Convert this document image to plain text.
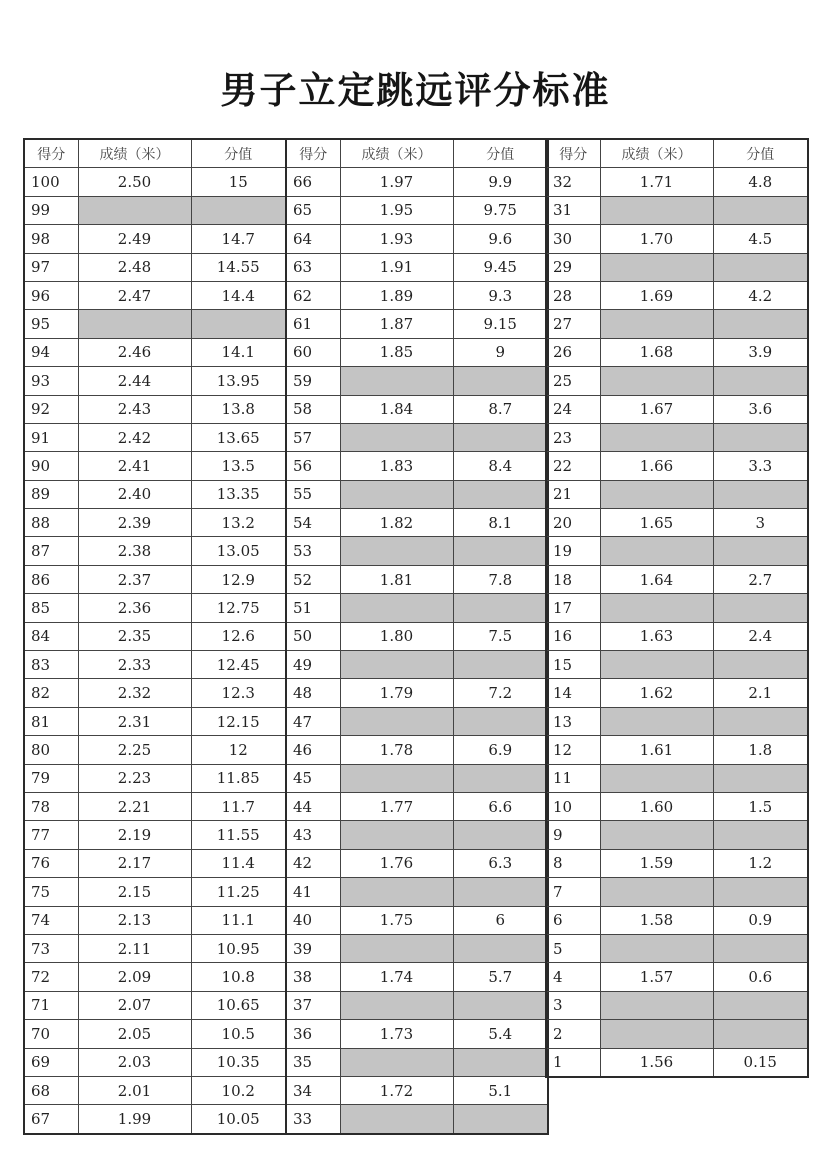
男子立定跳远评分标准
得分	成绩（米）	分值
100	2.50	15
99		
98	2.49	14.7
97	2.48	14.55
96	2.47	14.4
95		
94	2.46	14.1
93	2.44	13.95
92	2.43	13.8
91	2.42	13.65
90	2.41	13.5
89	2.40	13.35
88	2.39	13.2
87	2.38	13.05
86	2.37	12.9
85	2.36	12.75
84	2.35	12.6
83	2.33	12.45
82	2.32	12.3
81	2.31	12.15
80	2.25	12
79	2.23	11.85
78	2.21	11.7
77	2.19	11.55
76	2.17	11.4
75	2.15	11.25
74	2.13	11.1
73	2.11	10.95
72	2.09	10.8
71	2.07	10.65
70	2.05	10.5
69	2.03	10.35
68	2.01	10.2
67	1.99	10.05
得分	成绩（米）	分值
66	1.97	9.9
65	1.95	9.75
64	1.93	9.6
63	1.91	9.45
62	1.89	9.3
61	1.87	9.15
60	1.85	9
59		
58	1.84	8.7
57		
56	1.83	8.4
55		
54	1.82	8.1
53		
52	1.81	7.8
51		
50	1.80	7.5
49		
48	1.79	7.2
47		
46	1.78	6.9
45		
44	1.77	6.6
43		
42	1.76	6.3
41		
40	1.75	6
39		
38	1.74	5.7
37		
36	1.73	5.4
35		
34	1.72	5.1
33		
得分	成绩（米）	分值
32	1.71	4.8
31		
30	1.70	4.5
29		
28	1.69	4.2
27		
26	1.68	3.9
25		
24	1.67	3.6
23		
22	1.66	3.3
21		
20	1.65	3
19		
18	1.64	2.7
17		
16	1.63	2.4
15		
14	1.62	2.1
13		
12	1.61	1.8
11		
10	1.60	1.5
9		
8	1.59	1.2
7		
6	1.58	0.9
5		
4	1.57	0.6
3		
2		
1	1.56	0.15
